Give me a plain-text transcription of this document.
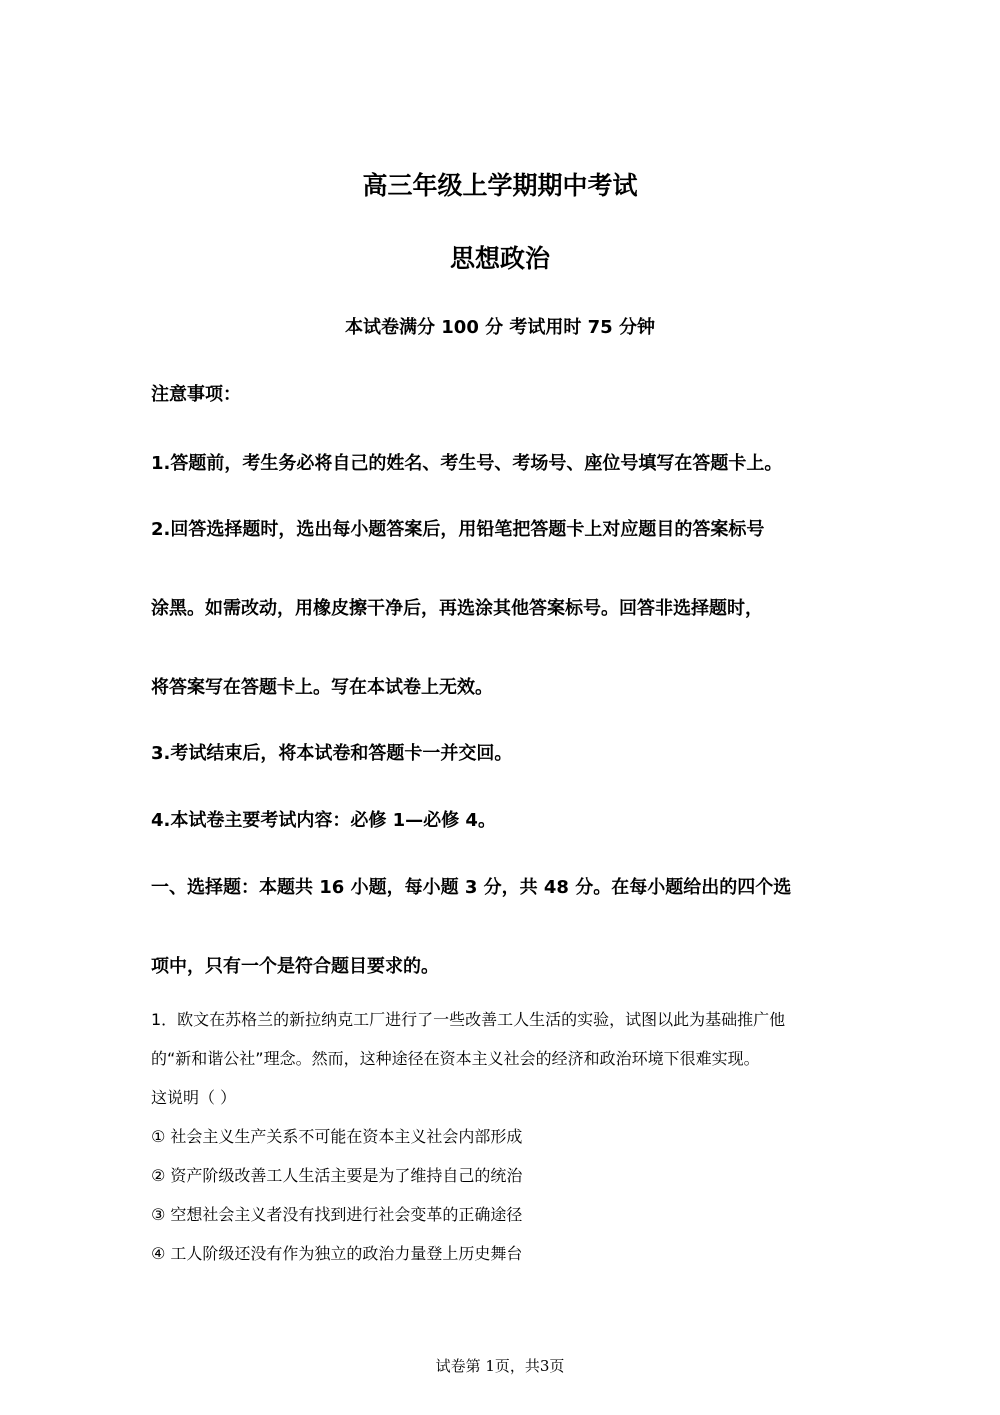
高三年级上学期期中考试
思想政治

本试卷满分 100 分 考试用时 75 分钟

注意事项：

1.答题前，考生务必将自己的姓名、考生号、考场号、座位号填写在答题卡上。

2.回答选择题时，选出每小题答案后，用铅笔把答题卡上对应题目的答案标号

涂黑。如需改动，用橡皮擦干净后，再选涂其他答案标号。回答非选择题时，

将答案写在答题卡上。写在本试卷上无效。

3.考试结束后，将本试卷和答题卡一并交回。

4.本试卷主要考试内容：必修 1—必修 4。

一、选择题：本题共 16 小题，每小题 3 分，共 48 分。在每小题给出的四个选

项中，只有一个是符合题目要求的。

1．欧文在苏格兰的新拉纳克工厂进行了一些改善工人生活的实验，试图以此为基础推广他

的“新和谐公社”理念。然而，这种途径在资本主义社会的经济和政治环境下很难实现。

这说明（ ）

① 社会主义生产关系不可能在资本主义社会内部形成

② 资产阶级改善工人生活主要是为了维持自己的统治

③ 空想社会主义者没有找到进行社会变革的正确途径

④ 工人阶级还没有作为独立的政治力量登上历史舞台

试卷第 1页，共3页
